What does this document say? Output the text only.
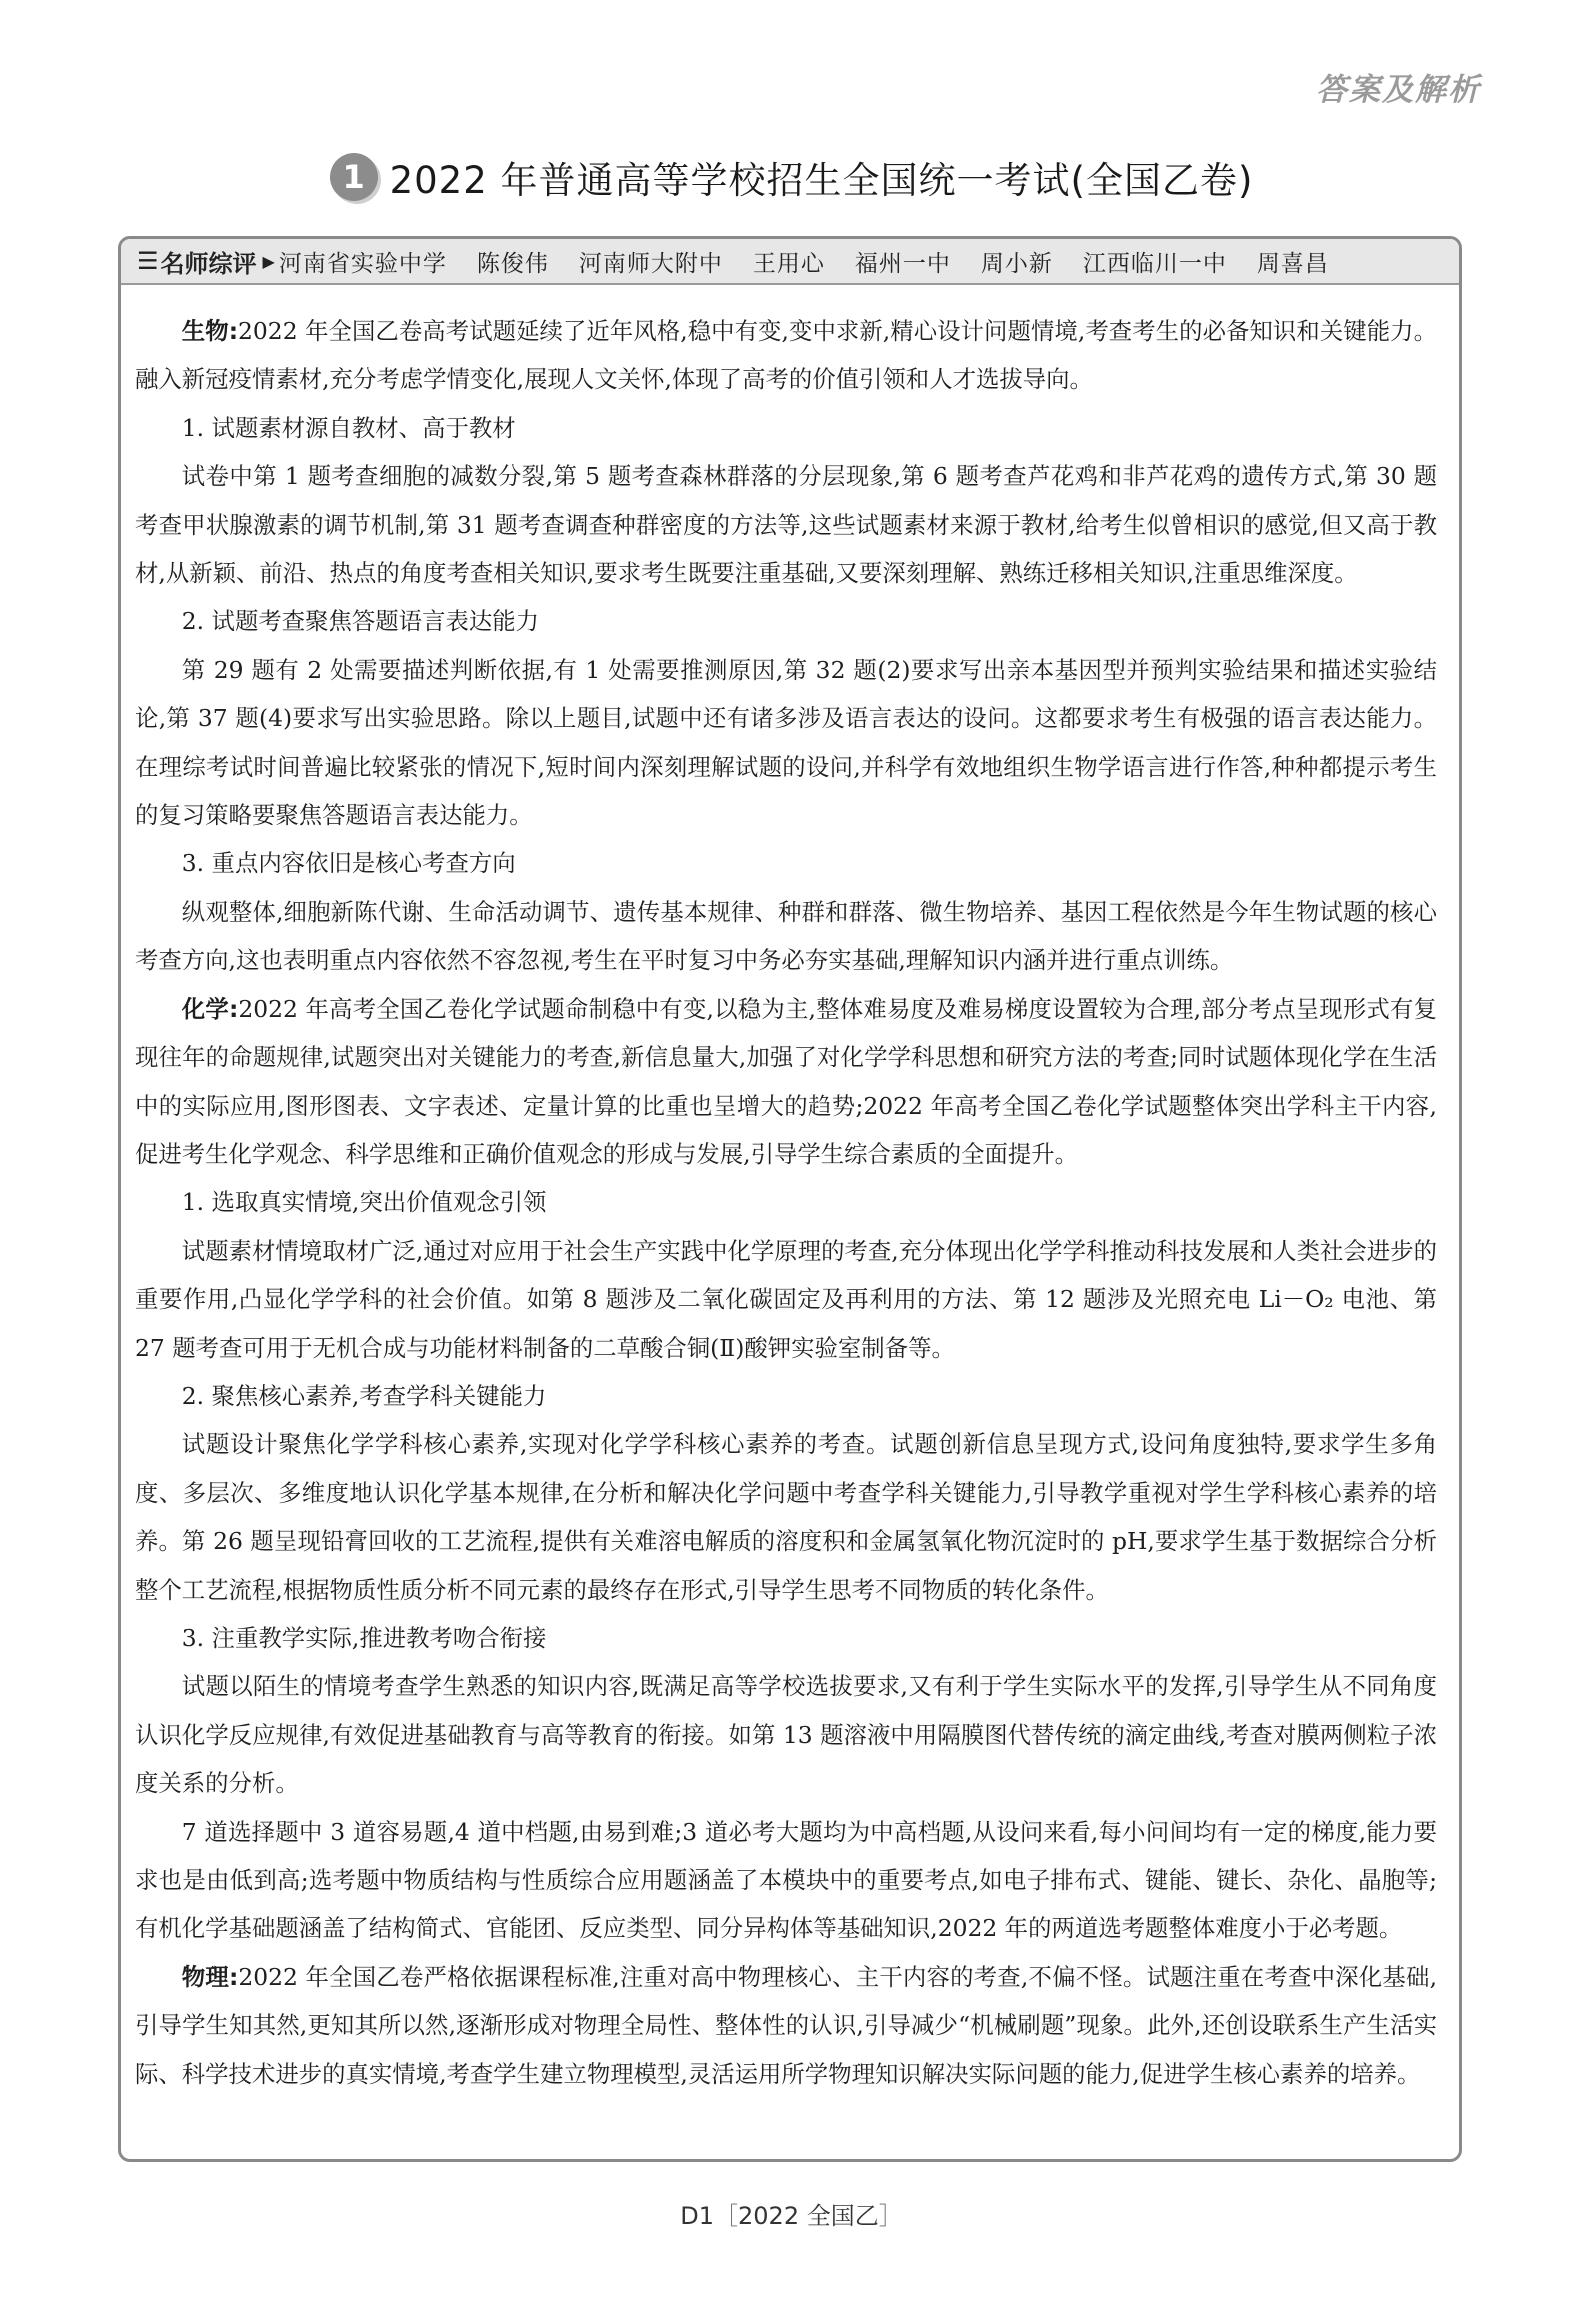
答案及解析
1 2022 年普通高等学校招生全国统一考试(全国乙卷)
☰ 名师综评 ▶ 河南省实验中学 陈俊伟 河南师大附中 王用心 福州一中 周小新 江西临川一中 周喜昌

生物:2022 年全国乙卷高考试题延续了近年风格,稳中有变,变中求新,精心设计问题情境,考查考生的必备知识和关键能力。融入新冠疫情素材,充分考虑学情变化,展现人文关怀,体现了高考的价值引领和人才选拔导向。

1. 试题素材源自教材、高于教材

试卷中第 1 题考查细胞的减数分裂,第 5 题考查森林群落的分层现象,第 6 题考查芦花鸡和非芦花鸡的遗传方式,第 30 题考查甲状腺激素的调节机制,第 31 题考查调查种群密度的方法等,这些试题素材来源于教材,给考生似曾相识的感觉,但又高于教材,从新颖、前沿、热点的角度考查相关知识,要求考生既要注重基础,又要深刻理解、熟练迁移相关知识,注重思维深度。

2. 试题考查聚焦答题语言表达能力

第 29 题有 2 处需要描述判断依据,有 1 处需要推测原因,第 32 题(2)要求写出亲本基因型并预判实验结果和描述实验结论,第 37 题(4)要求写出实验思路。除以上题目,试题中还有诸多涉及语言表达的设问。这都要求考生有极强的语言表达能力。在理综考试时间普遍比较紧张的情况下,短时间内深刻理解试题的设问,并科学有效地组织生物学语言进行作答,种种都提示考生的复习策略要聚焦答题语言表达能力。

3. 重点内容依旧是核心考查方向

纵观整体,细胞新陈代谢、生命活动调节、遗传基本规律、种群和群落、微生物培养、基因工程依然是今年生物试题的核心考查方向,这也表明重点内容依然不容忽视,考生在平时复习中务必夯实基础,理解知识内涵并进行重点训练。

化学:2022 年高考全国乙卷化学试题命制稳中有变,以稳为主,整体难易度及难易梯度设置较为合理,部分考点呈现形式有复现往年的命题规律,试题突出对关键能力的考查,新信息量大,加强了对化学学科思想和研究方法的考查;同时试题体现化学在生活中的实际应用,图形图表、文字表述、定量计算的比重也呈增大的趋势;2022 年高考全国乙卷化学试题整体突出学科主干内容,促进考生化学观念、科学思维和正确价值观念的形成与发展,引导学生综合素质的全面提升。

1. 选取真实情境,突出价值观念引领

试题素材情境取材广泛,通过对应用于社会生产实践中化学原理的考查,充分体现出化学学科推动科技发展和人类社会进步的重要作用,凸显化学学科的社会价值。如第 8 题涉及二氧化碳固定及再利用的方法、第 12 题涉及光照充电 Li－O₂ 电池、第 27 题考查可用于无机合成与功能材料制备的二草酸合铜(Ⅱ)酸钾实验室制备等。

2. 聚焦核心素养,考查学科关键能力

试题设计聚焦化学学科核心素养,实现对化学学科核心素养的考查。试题创新信息呈现方式,设问角度独特,要求学生多角度、多层次、多维度地认识化学基本规律,在分析和解决化学问题中考查学科关键能力,引导教学重视对学生学科核心素养的培养。第 26 题呈现铅膏回收的工艺流程,提供有关难溶电解质的溶度积和金属氢氧化物沉淀时的 pH,要求学生基于数据综合分析整个工艺流程,根据物质性质分析不同元素的最终存在形式,引导学生思考不同物质的转化条件。

3. 注重教学实际,推进教考吻合衔接

试题以陌生的情境考查学生熟悉的知识内容,既满足高等学校选拔要求,又有利于学生实际水平的发挥,引导学生从不同角度认识化学反应规律,有效促进基础教育与高等教育的衔接。如第 13 题溶液中用隔膜图代替传统的滴定曲线,考查对膜两侧粒子浓度关系的分析。

7 道选择题中 3 道容易题,4 道中档题,由易到难;3 道必考大题均为中高档题,从设问来看,每小问间均有一定的梯度,能力要求也是由低到高;选考题中物质结构与性质综合应用题涵盖了本模块中的重要考点,如电子排布式、键能、键长、杂化、晶胞等;有机化学基础题涵盖了结构简式、官能团、反应类型、同分异构体等基础知识,2022 年的两道选考题整体难度小于必考题。

物理:2022 年全国乙卷严格依据课程标准,注重对高中物理核心、主干内容的考查,不偏不怪。试题注重在考查中深化基础,引导学生知其然,更知其所以然,逐渐形成对物理全局性、整体性的认识,引导减少“机械刷题”现象。此外,还创设联系生产生活实际、科学技术进步的真实情境,考查学生建立物理模型,灵活运用所学物理知识解决实际问题的能力,促进学生核心素养的培养。

D1［2022 全国乙］
